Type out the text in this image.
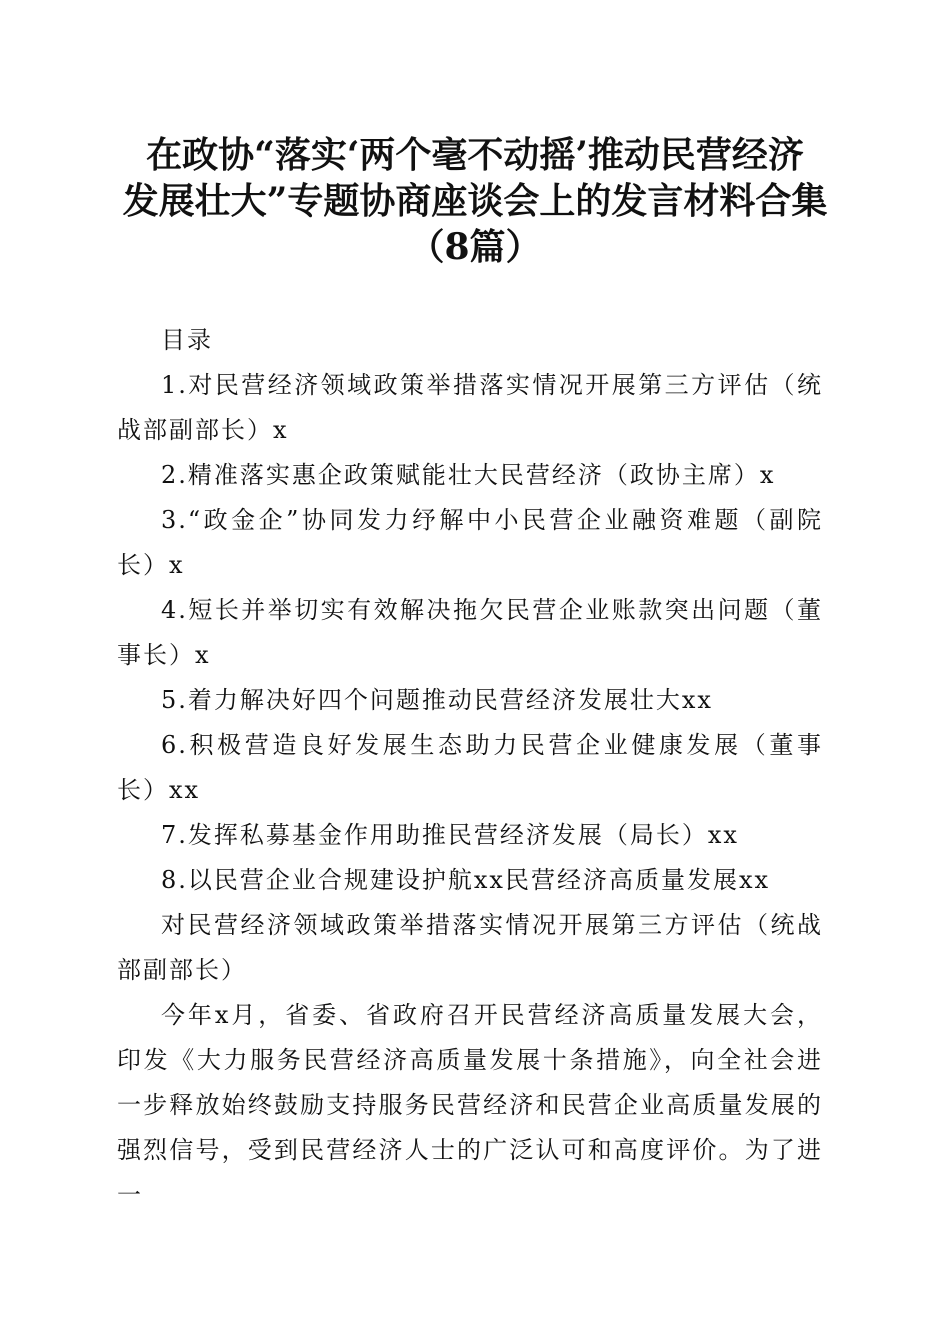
在政协“落实‘两个毫不动摇’推动民营经济
发展壮大”专题协商座谈会上的发言材料合集
（8篇）

目录

1.对民营经济领域政策举措落实情况开展第三方评估（统战部副部长）x

2.精准落实惠企政策赋能壮大民营经济（政协主席）x

3.“政金企”协同发力纾解中小民营企业融资难题（副院长）x

4.短长并举切实有效解决拖欠民营企业账款突出问题（董事长）x

5.着力解决好四个问题推动民营经济发展壮大xx

6.积极营造良好发展生态助力民营企业健康发展（董事长）xx

7.发挥私募基金作用助推民营经济发展（局长）xx

8.以民营企业合规建设护航xx民营经济高质量发展xx

对民营经济领域政策举措落实情况开展第三方评估（统战部副部长）

今年x月，省委、省政府召开民营经济高质量发展大会，印发《大力服务民营经济高质量发展十条措施》，向全社会进一步释放始终鼓励支持服务民营经济和民营企业高质量发展的强烈信号，受到民营经济人士的广泛认可和高度评价。为了进一
